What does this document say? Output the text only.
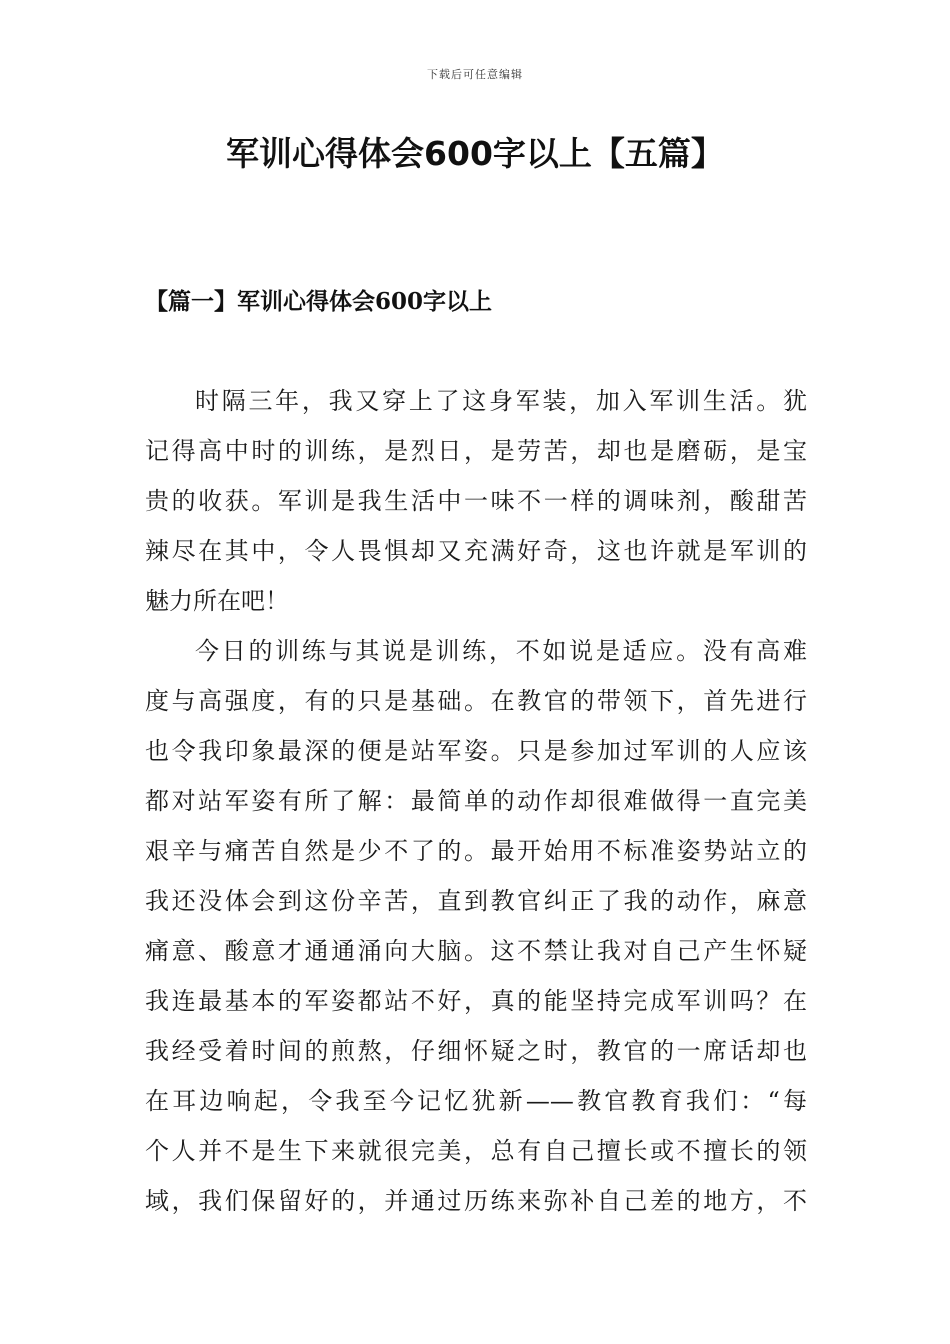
下载后可任意编辑
军训心得体会600字以上【五篇】
【篇一】军训心得体会600字以上

时隔三年，我又穿上了这身军装，加入军训生活。犹
记得高中时的训练，是烈日，是劳苦，却也是磨砺，是宝
贵的收获。军训是我生活中一味不一样的调味剂，酸甜苦
辣尽在其中，令人畏惧却又充满好奇，这也许就是军训的
魅力所在吧！

今日的训练与其说是训练，不如说是适应。没有高难
度与高强度，有的只是基础。在教官的带领下，首先进行
也令我印象最深的便是站军姿。只是参加过军训的人应该
都对站军姿有所了解：最简单的动作却很难做得一直完美
艰辛与痛苦自然是少不了的。最开始用不标准姿势站立的
我还没体会到这份辛苦，直到教官纠正了我的动作，麻意
痛意、酸意才通通涌向大脑。这不禁让我对自己产生怀疑
我连最基本的军姿都站不好，真的能坚持完成军训吗？在
我经受着时间的煎熬，仔细怀疑之时，教官的一席话却也
在耳边响起，令我至今记忆犹新——教官教育我们：“每
个人并不是生下来就很完美，总有自己擅长或不擅长的领
域，我们保留好的，并通过历练来弥补自己差的地方，不
